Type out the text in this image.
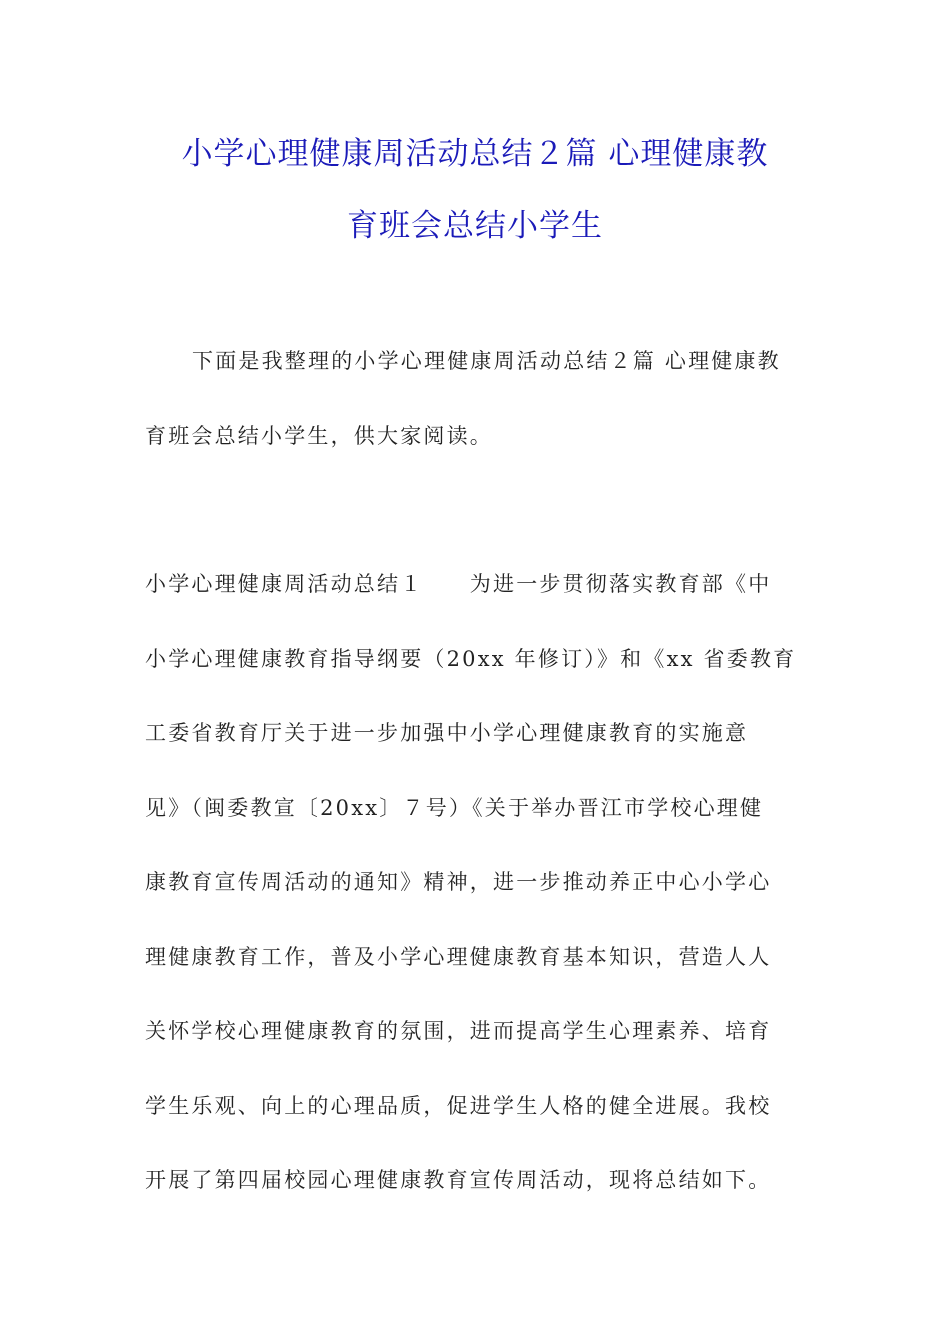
小学心理健康周活动总结２篇 心理健康教
育班会总结小学生
下面是我整理的小学心理健康周活动总结２篇 心理健康教
育班会总结小学生，供大家阅读。
小学心理健康周活动总结１　　为进一步贯彻落实教育部《中
小学心理健康教育指导纲要（20xx 年修订）》和《xx 省委教育
工委省教育厅关于进一步加强中小学心理健康教育的实施意
见》（闽委教宣〔20xx〕７号）《关于举办晋江市学校心理健
康教育宣传周活动的通知》精神，进一步推动养正中心小学心
理健康教育工作，普及小学心理健康教育基本知识，营造人人
关怀学校心理健康教育的氛围，进而提高学生心理素养、培育
学生乐观、向上的心理品质，促进学生人格的健全进展。我校
开展了第四届校园心理健康教育宣传周活动，现将总结如下。
